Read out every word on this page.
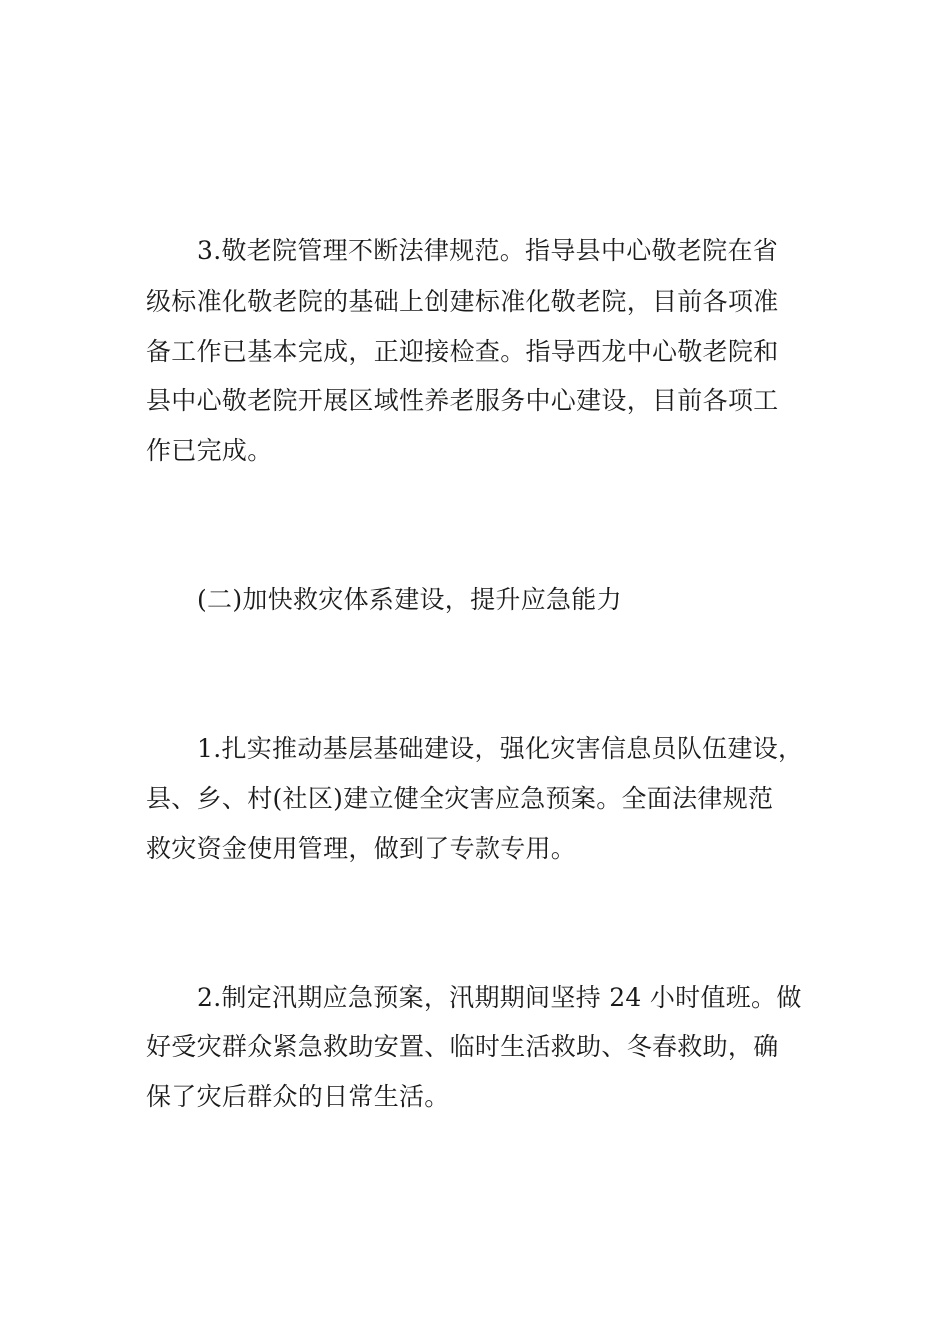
3.敬老院管理不断法律规范。指导县中心敬老院在省
级标准化敬老院的基础上创建标准化敬老院，目前各项准
备工作已基本完成，正迎接检查。指导西龙中心敬老院和
县中心敬老院开展区域性养老服务中心建设，目前各项工
作已完成。
(二)加快救灾体系建设，提升应急能力
1.扎实推动基层基础建设，强化灾害信息员队伍建设，
县、乡、村(社区)建立健全灾害应急预案。全面法律规范
救灾资金使用管理，做到了专款专用。
2.制定汛期应急预案，汛期期间坚持 24 小时值班。做
好受灾群众紧急救助安置、临时生活救助、冬春救助，确
保了灾后群众的日常生活。
